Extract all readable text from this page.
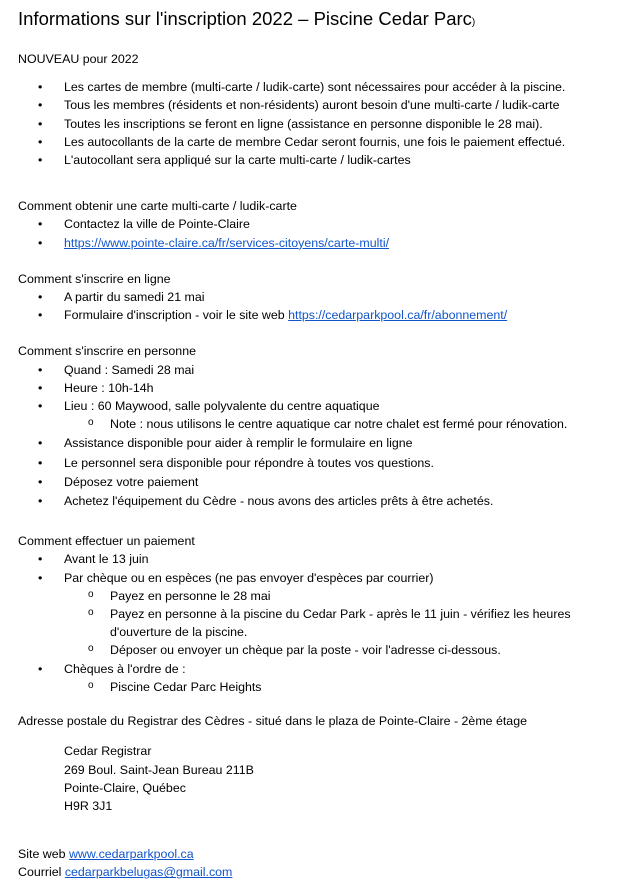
Informations sur l'inscription 2022 – Piscine Cedar Parc)

NOUVEAU pour 2022

• Les cartes de membre (multi-carte / ludik-carte) sont nécessaires pour accéder à la piscine.
• Tous les membres (résidents et non-résidents) auront besoin d'une multi-carte / ludik-carte
• Toutes les inscriptions se feront en ligne (assistance en personne disponible le 28 mai).
• Les autocollants de la carte de membre Cedar seront fournis, une fois le paiement effectué.
• L'autocollant sera appliqué sur la carte multi-carte / ludik-cartes

Comment obtenir une carte multi-carte / ludik-carte

• Contactez la ville de Pointe-Claire
• https://www.pointe-claire.ca/fr/services-citoyens/carte-multi/

Comment s'inscrire en ligne

• A partir du samedi 21 mai
• Formulaire d'inscription - voir le site web https://cedarparkpool.ca/fr/abonnement/

Comment s'inscrire en personne

• Quand : Samedi 28 mai
• Heure : 10h-14h
• Lieu : 60 Maywood, salle polyvalente du centre aquatique
o Note : nous utilisons le centre aquatique car notre chalet est fermé pour rénovation.
• Assistance disponible pour aider à remplir le formulaire en ligne
• Le personnel sera disponible pour répondre à toutes vos questions.
• Déposez votre paiement
• Achetez l'équipement du Cèdre - nous avons des articles prêts à être achetés.

Comment effectuer un paiement

• Avant le 13 juin
• Par chèque ou en espèces (ne pas envoyer d'espèces par courrier)
o Payez en personne le 28 mai
o Payez en personne à la piscine du Cedar Park - après le 11 juin - vérifiez les heures d'ouverture de la piscine.
o Déposer ou envoyer un chèque par la poste - voir l'adresse ci-dessous.
• Chèques à l'ordre de :
o Piscine Cedar Parc Heights

Adresse postale du Registrar des Cèdres - situé dans le plaza de Pointe-Claire - 2ème étage

Cedar Registrar

269 Boul. Saint-Jean Bureau 211B

Pointe-Claire, Québec

H9R 3J1

Site web www.cedarparkpool.ca

Courriel cedarparkbelugas@gmail.com
